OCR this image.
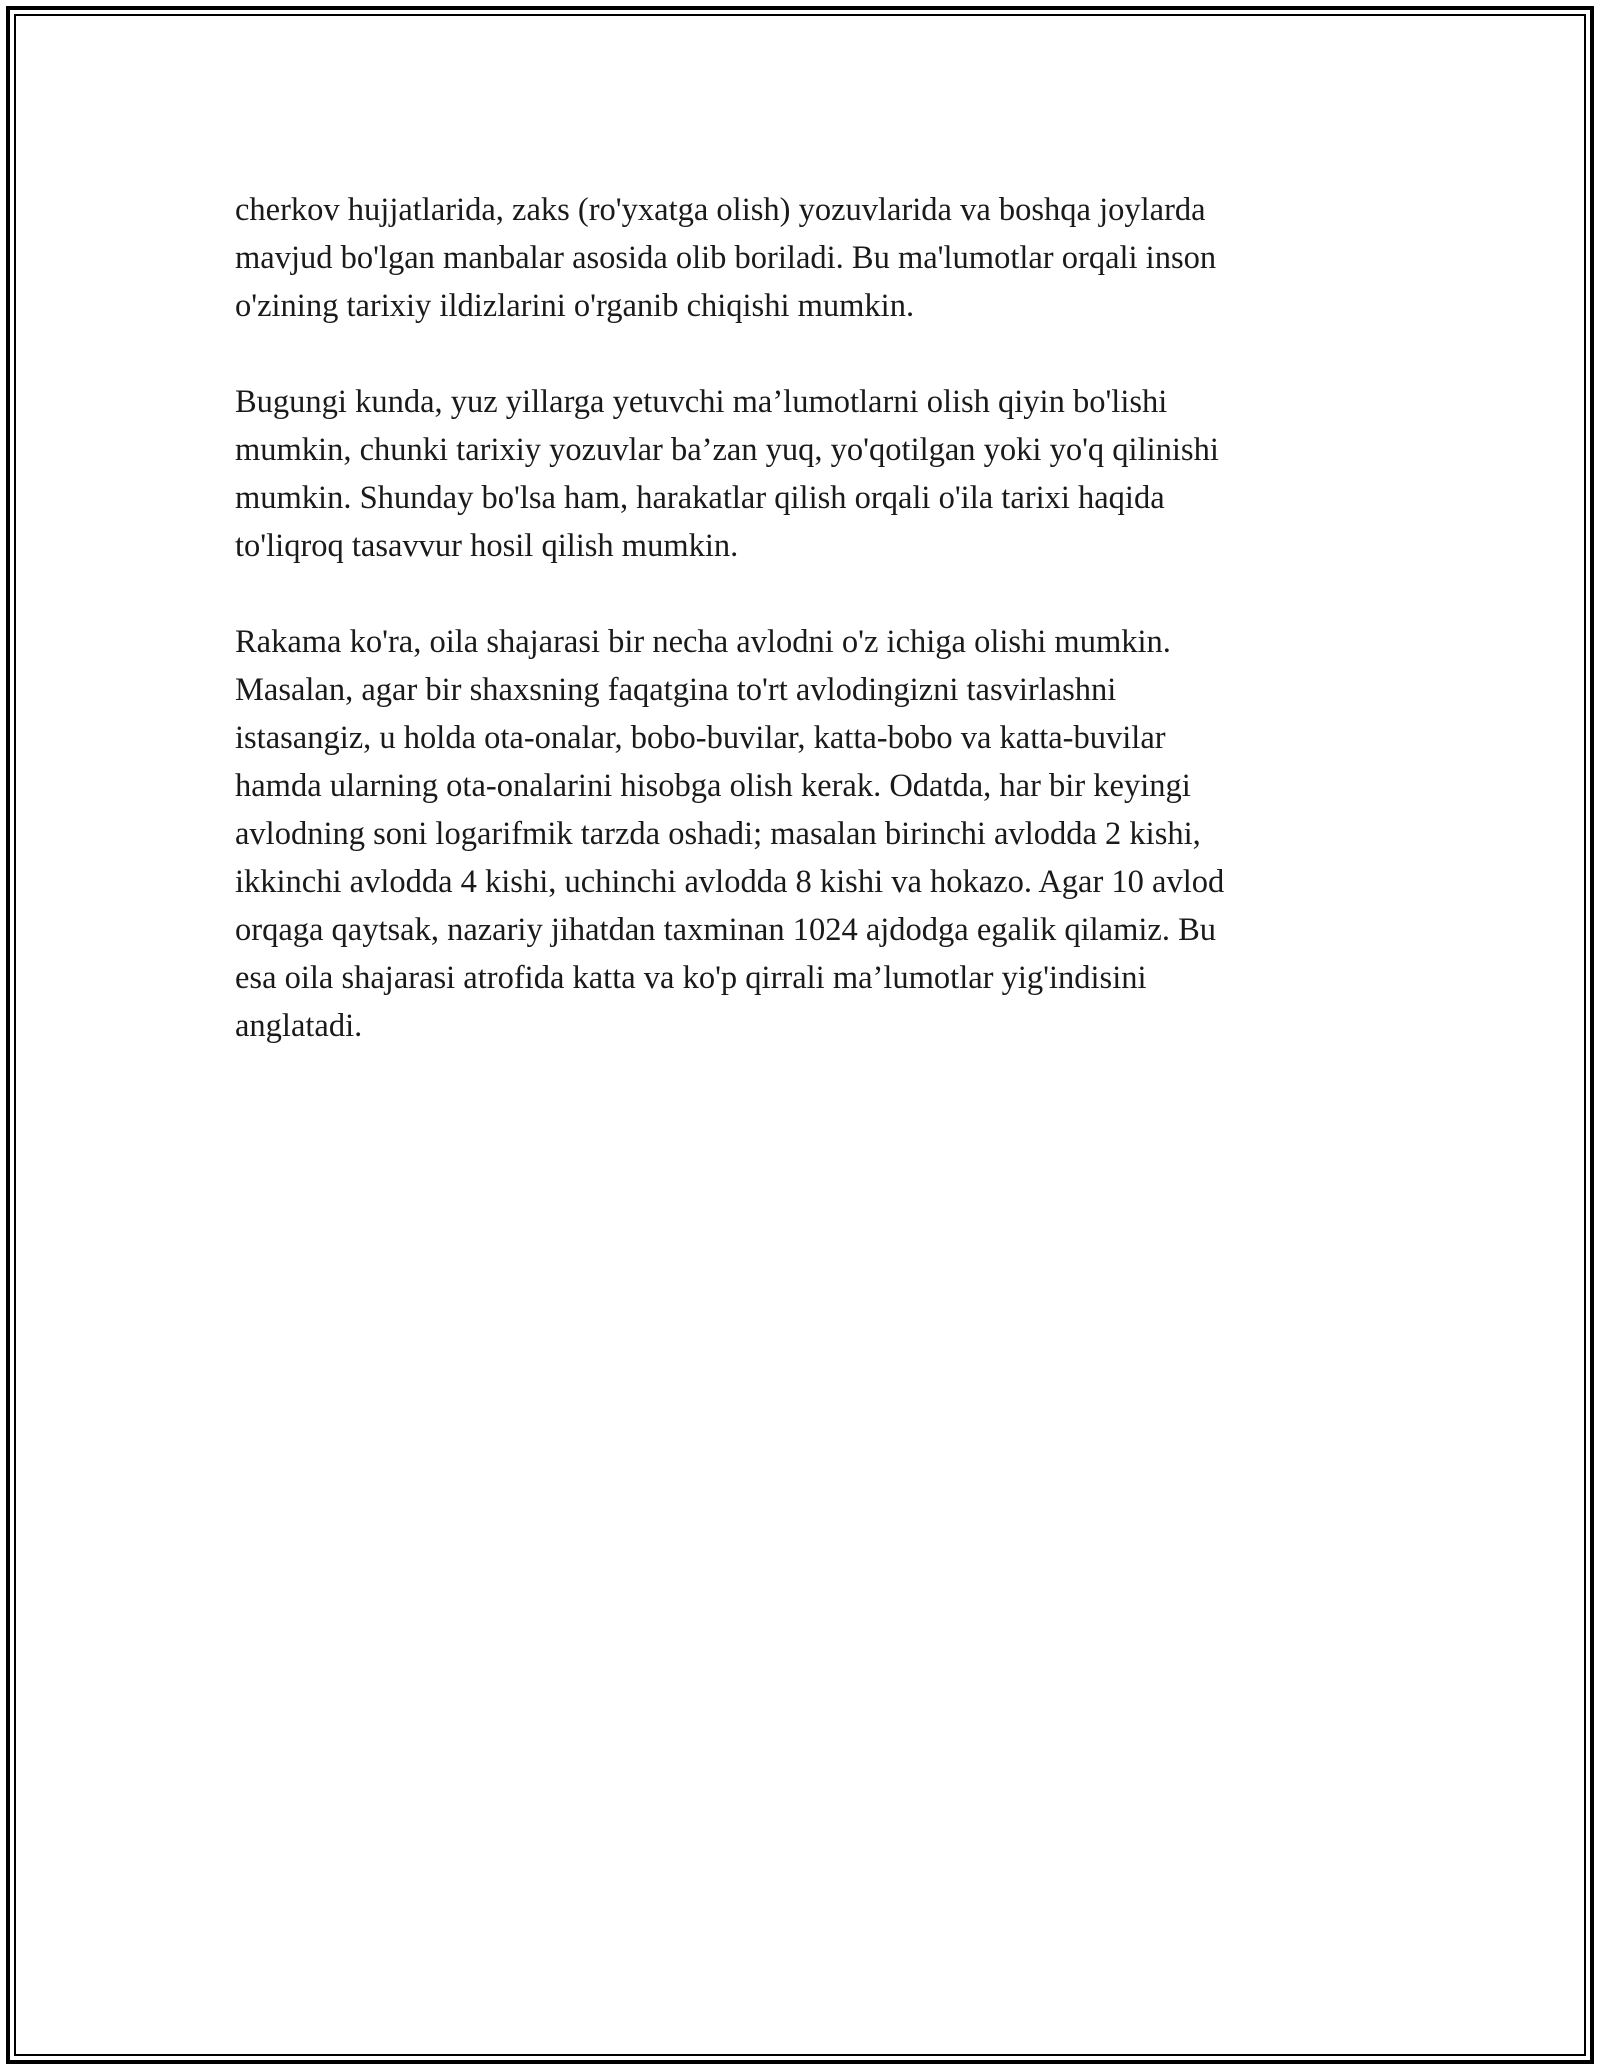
cherkov hujjatlarida, zaks (ro'yxatga olish) yozuvlarida va boshqa joylarda
mavjud bo'lgan manbalar asosida olib boriladi. Bu ma'lumotlar orqali inson
o'zining tarixiy ildizlarini o'rganib chiqishi mumkin.

Bugungi kunda, yuz yillarga yetuvchi ma’lumotlarni olish qiyin bo'lishi
mumkin, chunki tarixiy yozuvlar ba’zan yuq, yo'qotilgan yoki yo'q qilinishi
mumkin. Shunday bo'lsa ham, harakatlar qilish orqali o'ila tarixi haqida
to'liqroq tasavvur hosil qilish mumkin.

Rakama ko'ra, oila shajarasi bir necha avlodni o'z ichiga olishi mumkin.
Masalan, agar bir shaxsning faqatgina to'rt avlodingizni tasvirlashni
istasangiz, u holda ota-onalar, bobo-buvilar, katta-bobo va katta-buvilar
hamda ularning ota-onalarini hisobga olish kerak. Odatda, har bir keyingi
avlodning soni logarifmik tarzda oshadi; masalan birinchi avlodda 2 kishi,
ikkinchi avlodda 4 kishi, uchinchi avlodda 8 kishi va hokazo. Agar 10 avlod
orqaga qaytsak, nazariy jihatdan taxminan 1024 ajdodga egalik qilamiz. Bu
esa oila shajarasi atrofida katta va ko'p qirrali ma’lumotlar yig'indisini
anglatadi.
